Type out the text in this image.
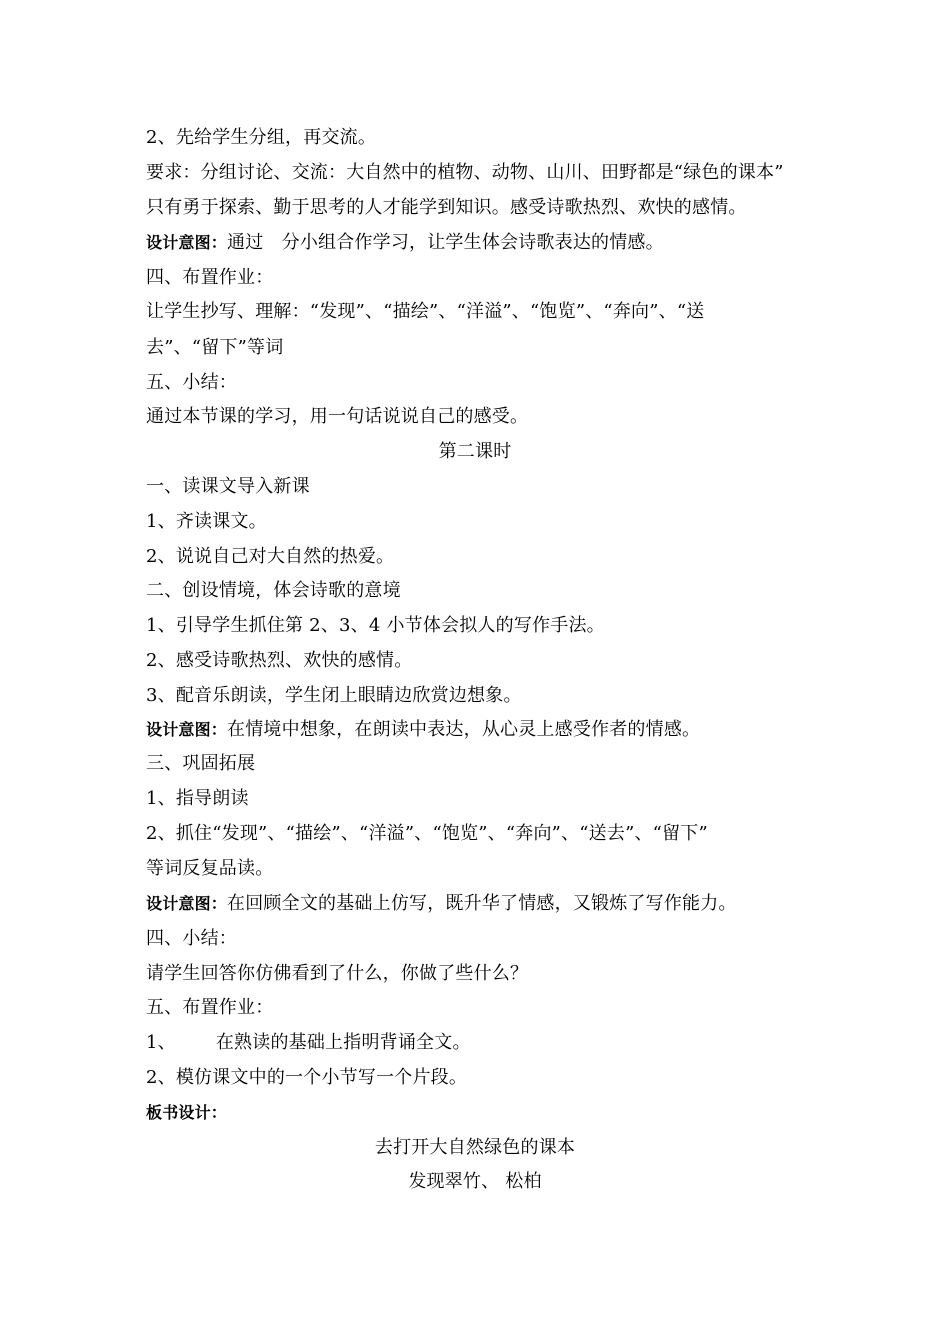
2、先给学生分组，再交流。
要求：分组讨论、交流：大自然中的植物、动物、山川、田野都是“绿色的课本”
只有勇于探索、勤于思考的人才能学到知识。感受诗歌热烈、欢快的感情。
设计意图：通过　分小组合作学习，让学生体会诗歌表达的情感。
四、布置作业：
让学生抄写、理解：“发现”、“描绘”、“洋溢”、“饱览”、“奔向”、“送
去”、“留下”等词
五、小结：
通过本节课的学习，用一句话说说自己的感受。
第二课时
一、读课文导入新课
1、齐读课文。
2、说说自己对大自然的热爱。
二、创设情境，体会诗歌的意境
1、引导学生抓住第 2、3、4 小节体会拟人的写作手法。
2、感受诗歌热烈、欢快的感情。
3、配音乐朗读，学生闭上眼睛边欣赏边想象。
设计意图：在情境中想象，在朗读中表达，从心灵上感受作者的情感。
三、巩固拓展
1、指导朗读
2、抓住“发现”、“描绘”、“洋溢”、“饱览”、“奔向”、“送去”、“留下”
等词反复品读。
设计意图：在回顾全文的基础上仿写，既升华了情感，又锻炼了写作能力。
四、小结：
请学生回答你仿佛看到了什么，你做了些什么？
五、布置作业：
1、 在熟读的基础上指明背诵全文。
2、模仿课文中的一个小节写一个片段。
板书设计：
去打开大自然绿色的课本
发现翠竹、 松柏
